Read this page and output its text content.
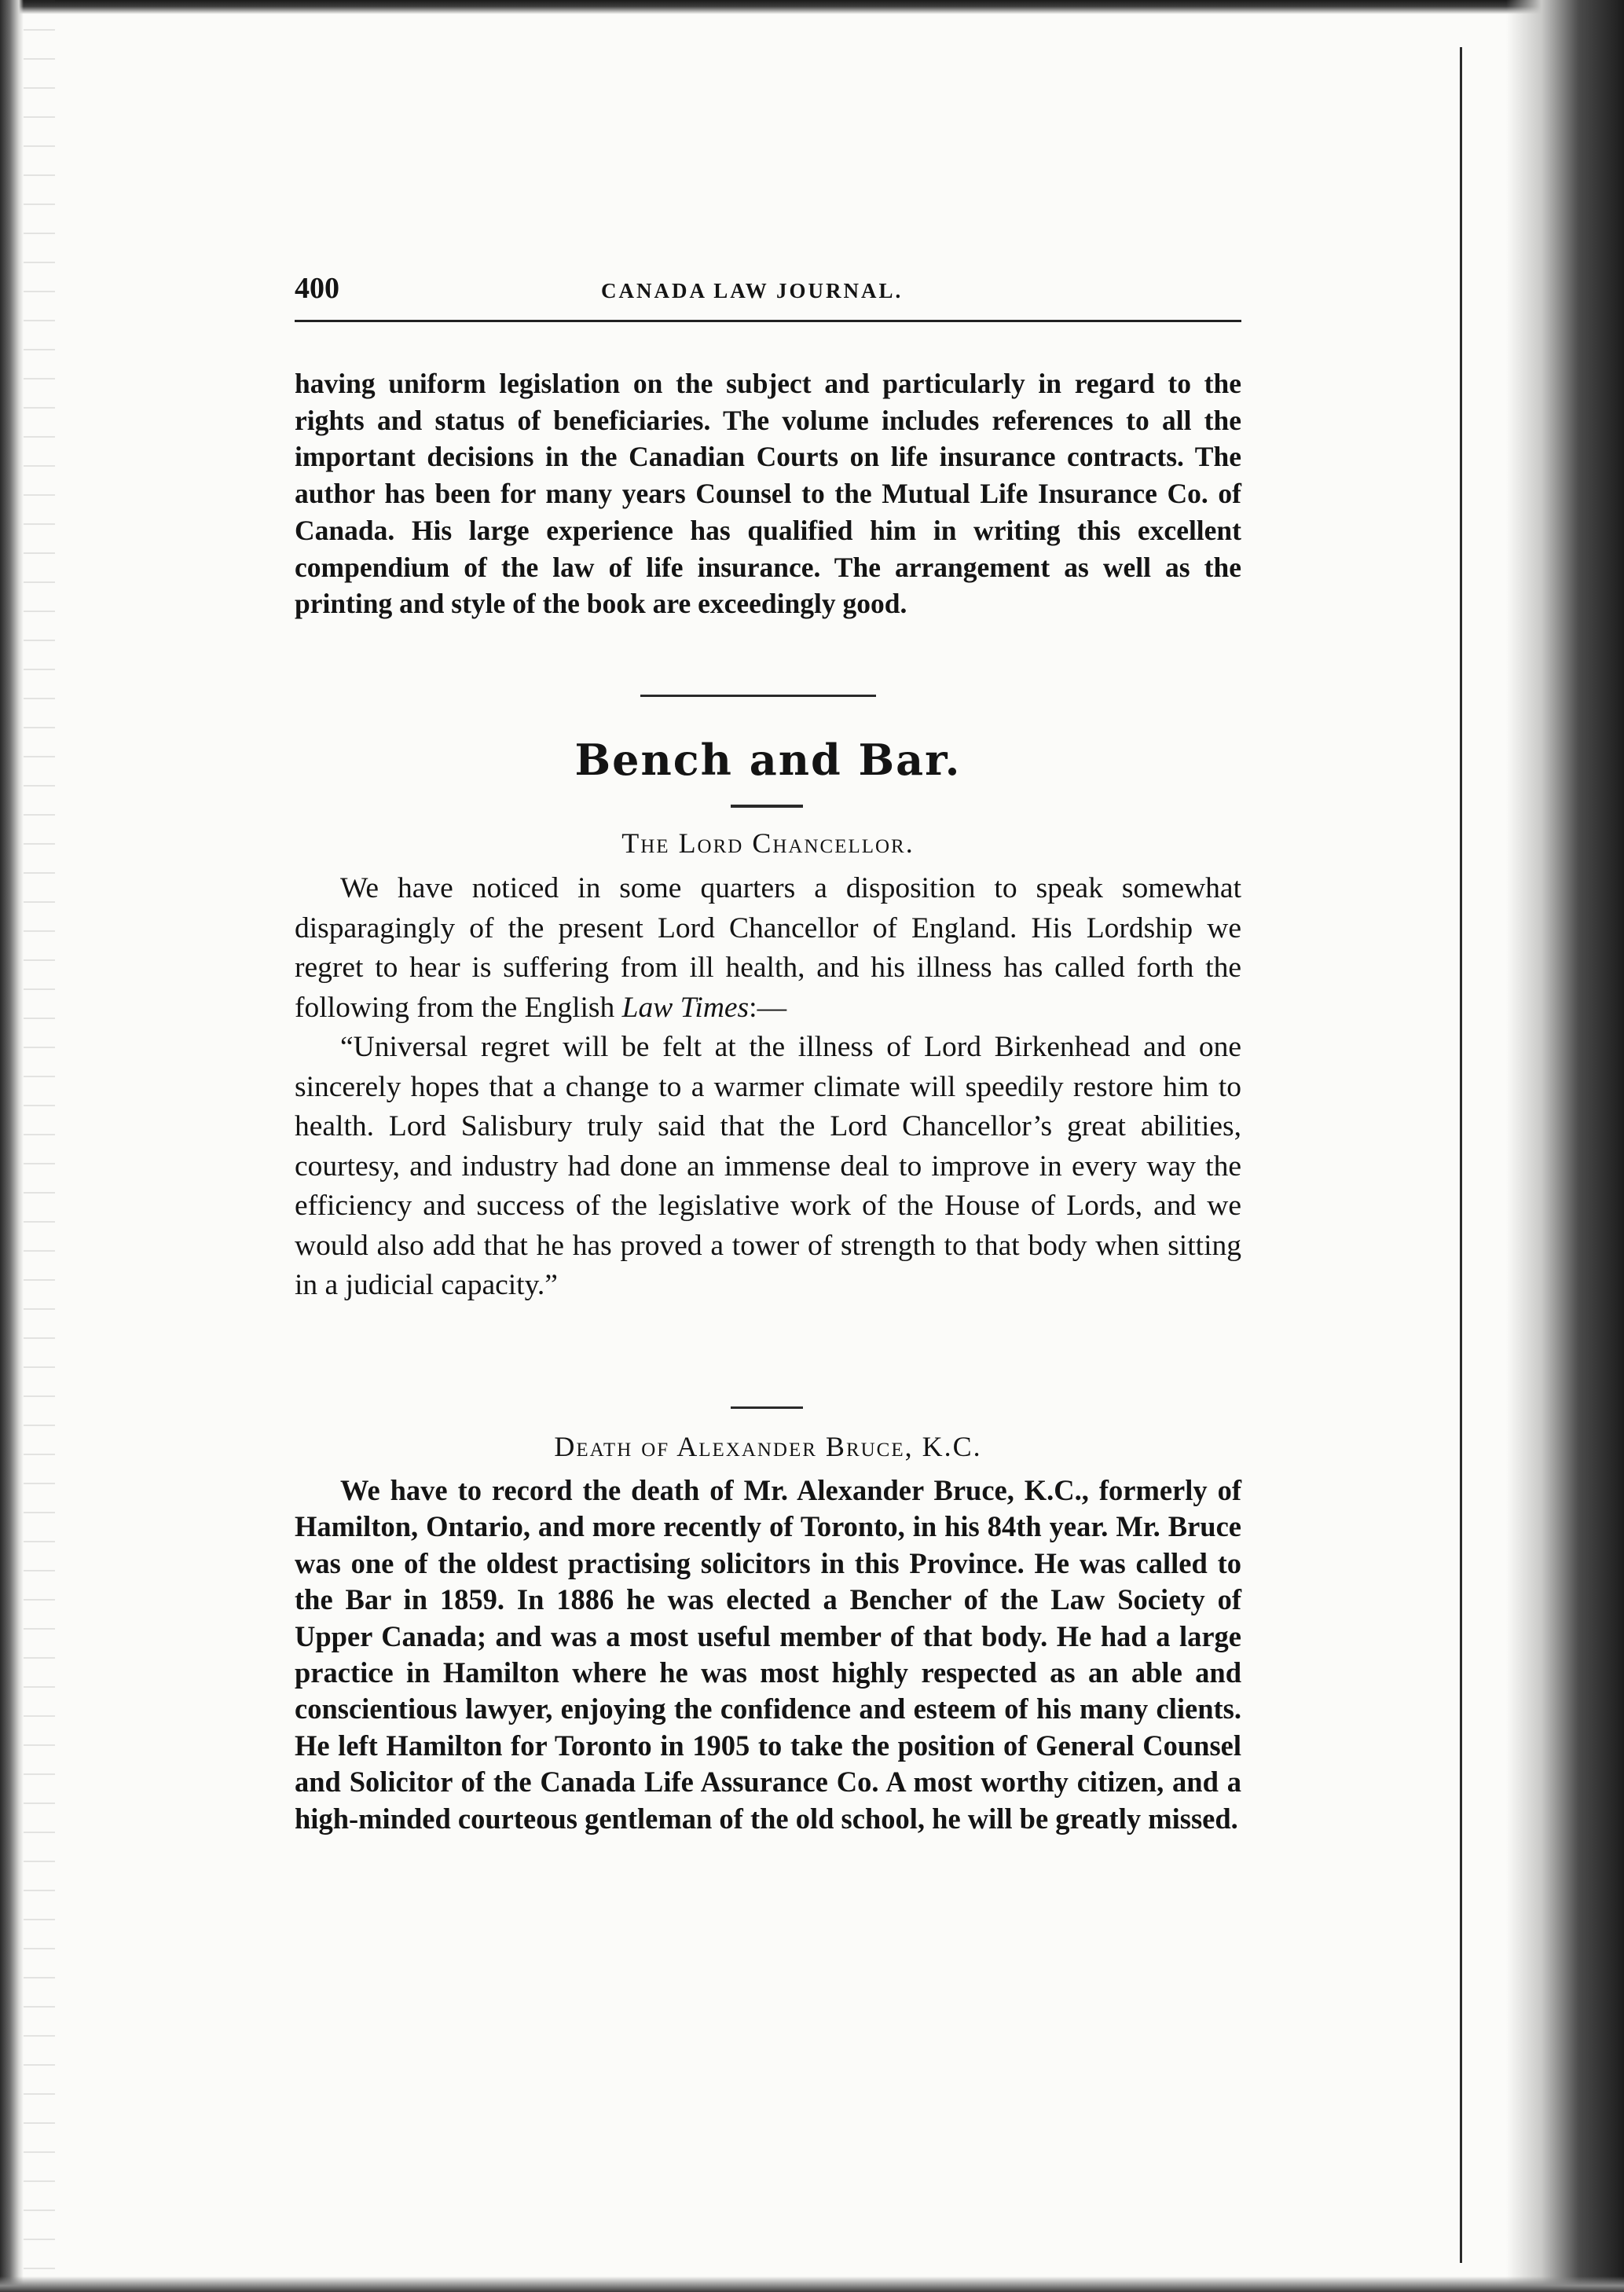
400	CANADA LAW JOURNAL.

having uniform legislation on the subject and particularly in regard to the rights and status of beneficiaries. The volume includes references to all the important decisions in the Canadian Courts on life insurance contracts. The author has been for many years Counsel to the Mutual Life Insurance Co. of Canada. His large experience has qualified him in writing this excellent compendium of the law of life insurance. The arrangement as well as the printing and style of the book are exceedingly good.

Bench and Bar.
The Lord Chancellor.

We have noticed in some quarters a disposition to speak somewhat disparagingly of the present Lord Chancellor of England. His Lordship we regret to hear is suffering from ill health, and his illness has called forth the following from the English Law Times:—

“Universal regret will be felt at the illness of Lord Birkenhead and one sincerely hopes that a change to a warmer climate will speedily restore him to health. Lord Salisbury truly said that the Lord Chancellor’s great abilities, courtesy, and industry had done an immense deal to improve in every way the efficiency and success of the legislative work of the House of Lords, and we would also add that he has proved a tower of strength to that body when sitting in a judicial capacity.”

Death of Alexander Bruce, K.C.

We have to record the death of Mr. Alexander Bruce, K.C., formerly of Hamilton, Ontario, and more recently of Toronto, in his 84th year. Mr. Bruce was one of the oldest practising solicitors in this Province. He was called to the Bar in 1859. In 1886 he was elected a Bencher of the Law Society of Upper Canada; and was a most useful member of that body. He had a large practice in Hamilton where he was most highly respected as an able and conscientious lawyer, enjoying the confidence and esteem of his many clients. He left Hamilton for Toronto in 1905 to take the position of General Counsel and Solicitor of the Canada Life Assurance Co. A most worthy citizen, and a high-minded courteous gentleman of the old school, he will be greatly missed.
